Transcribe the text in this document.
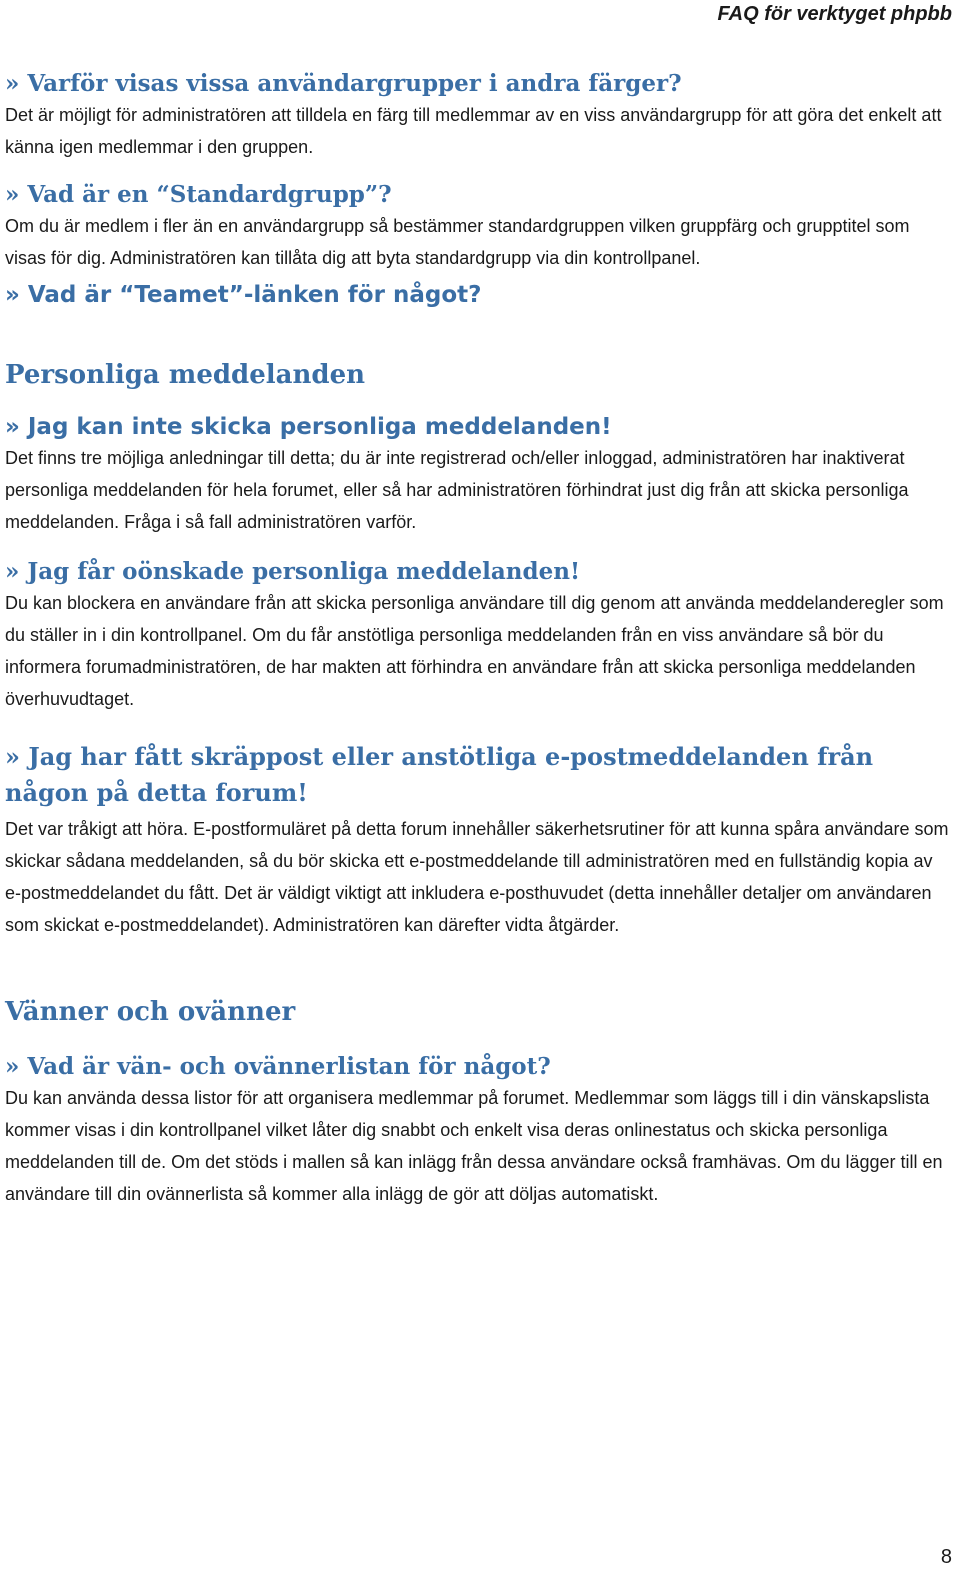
FAQ för verktyget phpbb
» Varför visas vissa användargrupper i andra färger?

Det är möjligt för administratören att tilldela en färg till medlemmar av en viss användargrupp för att göra det enkelt att känna igen medlemmar i den gruppen.

» Vad är en “Standardgrupp”?

Om du är medlem i fler än en användargrupp så bestämmer standardgruppen vilken gruppfärg och grupptitel som visas för dig. Administratören kan tillåta dig att byta standardgrupp via din kontrollpanel.

» Vad är “Teamet”-länken för något?
Personliga meddelanden
» Jag kan inte skicka personliga meddelanden!

Det finns tre möjliga anledningar till detta; du är inte registrerad och/eller inloggad, administratören har inaktiverat personliga meddelanden för hela forumet, eller så har administratören förhindrat just dig från att skicka personliga meddelanden. Fråga i så fall administratören varför.

» Jag får oönskade personliga meddelanden!

Du kan blockera en användare från att skicka personliga användare till dig genom att använda meddelanderegler som du ställer in i din kontrollpanel. Om du får anstötliga personliga meddelanden från en viss användare så bör du informera forumadministratören, de har makten att förhindra en användare från att skicka personliga meddelanden överhuvudtaget.

» Jag har fått skräppost eller anstötliga e-postmeddelanden från någon på detta forum!

Det var tråkigt att höra. E-postformuläret på detta forum innehåller säkerhetsrutiner för att kunna spåra användare som skickar sådana meddelanden, så du bör skicka ett e-postmeddelande till administratören med en fullständig kopia av e-postmeddelandet du fått. Det är väldigt viktigt att inkludera e-posthuvudet (detta innehåller detaljer om användaren som skickat e-postmeddelandet). Administratören kan därefter vidta åtgärder.

Vänner och ovänner
» Vad är vän- och ovännerlistan för något?

Du kan använda dessa listor för att organisera medlemmar på forumet. Medlemmar som läggs till i din vänskapslista kommer visas i din kontrollpanel vilket låter dig snabbt och enkelt visa deras onlinestatus och skicka personliga meddelanden till de. Om det stöds i mallen så kan inlägg från dessa användare också framhävas. Om du lägger till en användare till din ovännerlista så kommer alla inlägg de gör att döljas automatiskt.

8
